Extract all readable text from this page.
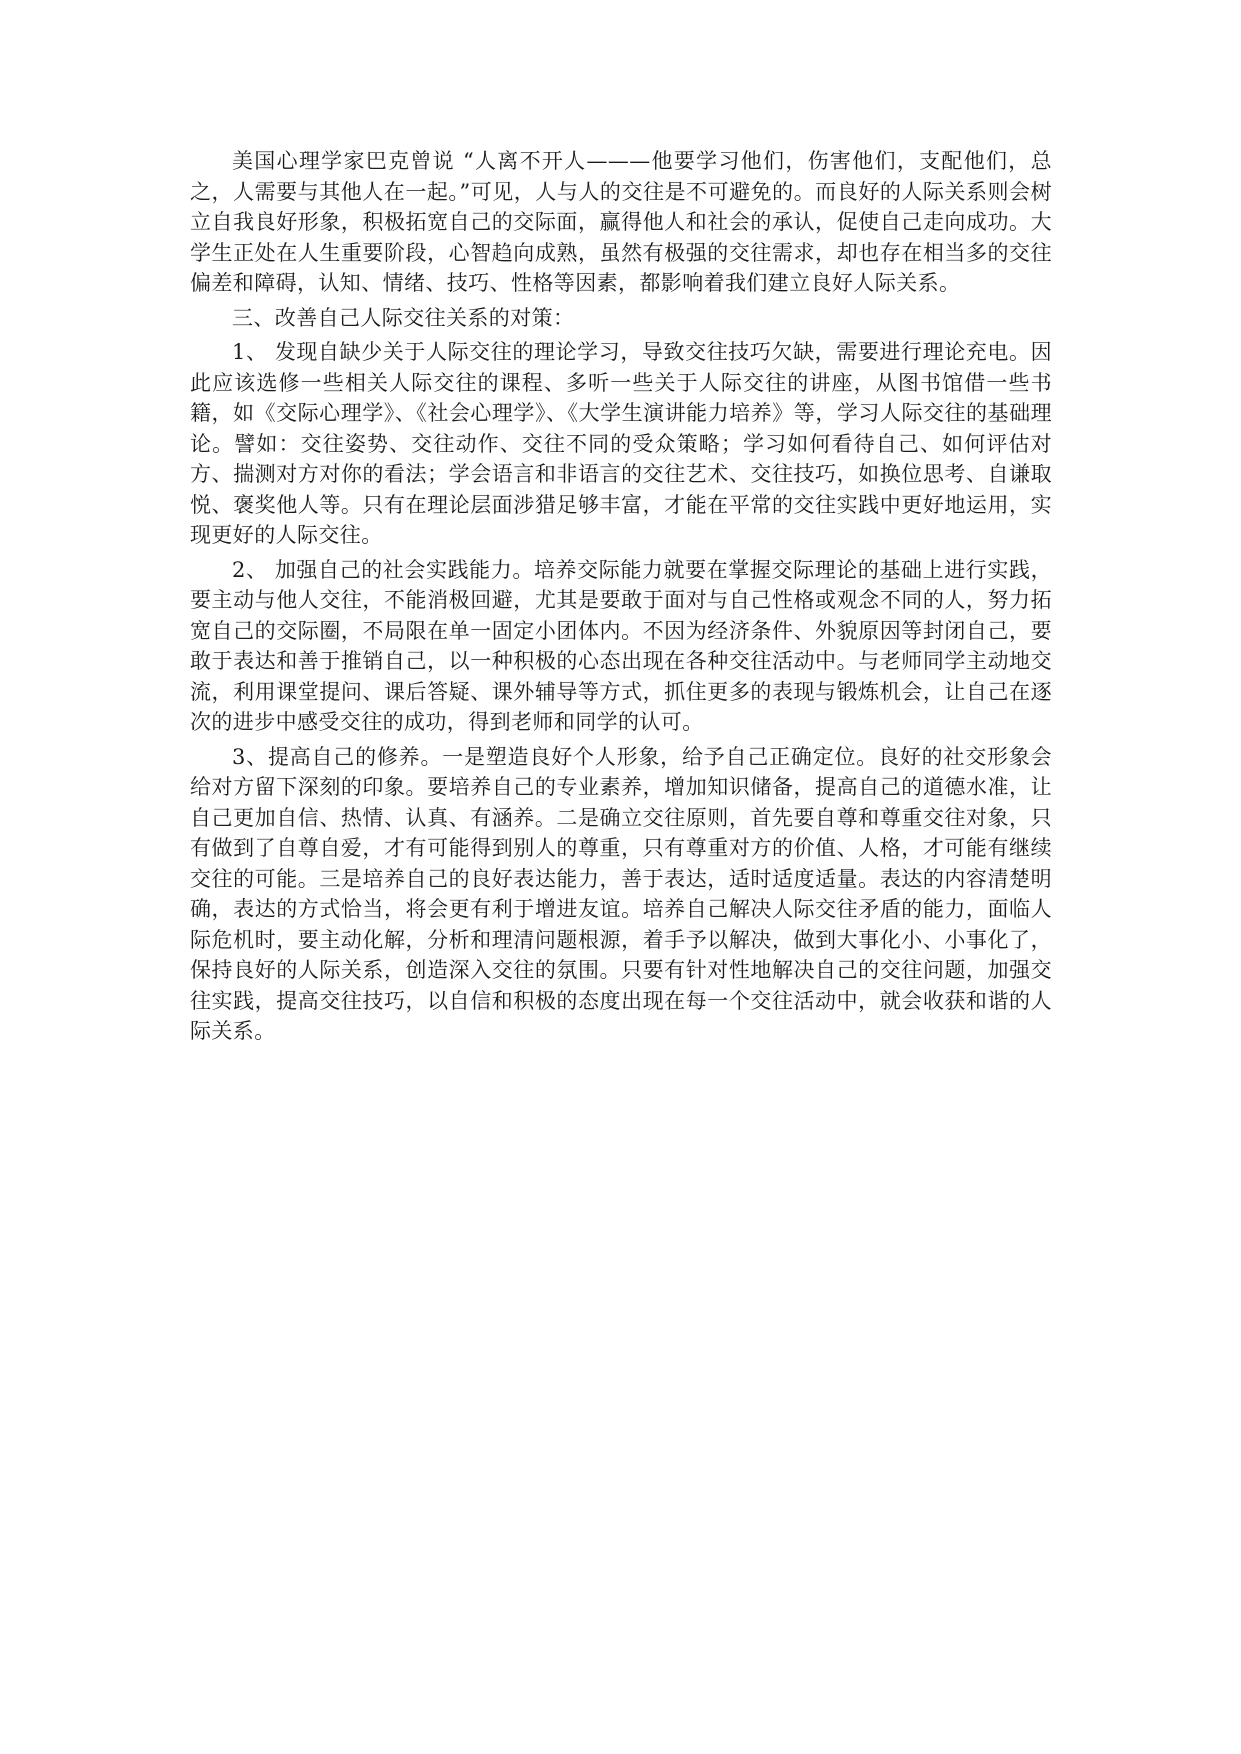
美国心理学家巴克曾说 “人离不开人———他要学习他们，伤害他们，支配他们，总之，人需要与其他人在一起。”可见，人与人的交往是不可避免的。而良好的人际关系则会树立自我良好形象，积极拓宽自己的交际面，赢得他人和社会的承认，促使自己走向成功。大学生正处在人生重要阶段，心智趋向成熟，虽然有极强的交往需求，却也存在相当多的交往偏差和障碍，认知、情绪、技巧、性格等因素，都影响着我们建立良好人际关系。

三、改善自己人际交往关系的对策：

1、 发现自缺少关于人际交往的理论学习，导致交往技巧欠缺，需要进行理论充电。因此应该选修一些相关人际交往的课程、多听一些关于人际交往的讲座，从图书馆借一些书籍，如《交际心理学》、《社会心理学》、《大学生演讲能力培养》等，学习人际交往的基础理论。譬如：交往姿势、交往动作、交往不同的受众策略；学习如何看待自己、如何评估对方、揣测对方对你的看法；学会语言和非语言的交往艺术、交往技巧，如换位思考、自谦取悦、褒奖他人等。只有在理论层面涉猎足够丰富，才能在平常的交往实践中更好地运用，实现更好的人际交往。

2、 加强自己的社会实践能力。培养交际能力就要在掌握交际理论的基础上进行实践，要主动与他人交往，不能消极回避，尤其是要敢于面对与自己性格或观念不同的人，努力拓宽自己的交际圈，不局限在单一固定小团体内。不因为经济条件、外貌原因等封闭自己，要敢于表达和善于推销自己，以一种积极的心态出现在各种交往活动中。与老师同学主动地交流，利用课堂提问、课后答疑、课外辅导等方式，抓住更多的表现与锻炼机会，让自己在逐次的进步中感受交往的成功，得到老师和同学的认可。

3、提高自己的修养。一是塑造良好个人形象，给予自己正确定位。良好的社交形象会给对方留下深刻的印象。要培养自己的专业素养，增加知识储备，提高自己的道德水准，让自己更加自信、热情、认真、有涵养。二是确立交往原则，首先要自尊和尊重交往对象，只有做到了自尊自爱，才有可能得到别人的尊重，只有尊重对方的价值、人格，才可能有继续交往的可能。三是培养自己的良好表达能力，善于表达，适时适度适量。表达的内容清楚明确，表达的方式恰当，将会更有利于增进友谊。培养自己解决人际交往矛盾的能力，面临人际危机时，要主动化解，分析和理清问题根源，着手予以解决，做到大事化小、小事化了，保持良好的人际关系，创造深入交往的氛围。只要有针对性地解决自己的交往问题，加强交往实践，提高交往技巧，以自信和积极的态度出现在每一个交往活动中，就会收获和谐的人际关系。
